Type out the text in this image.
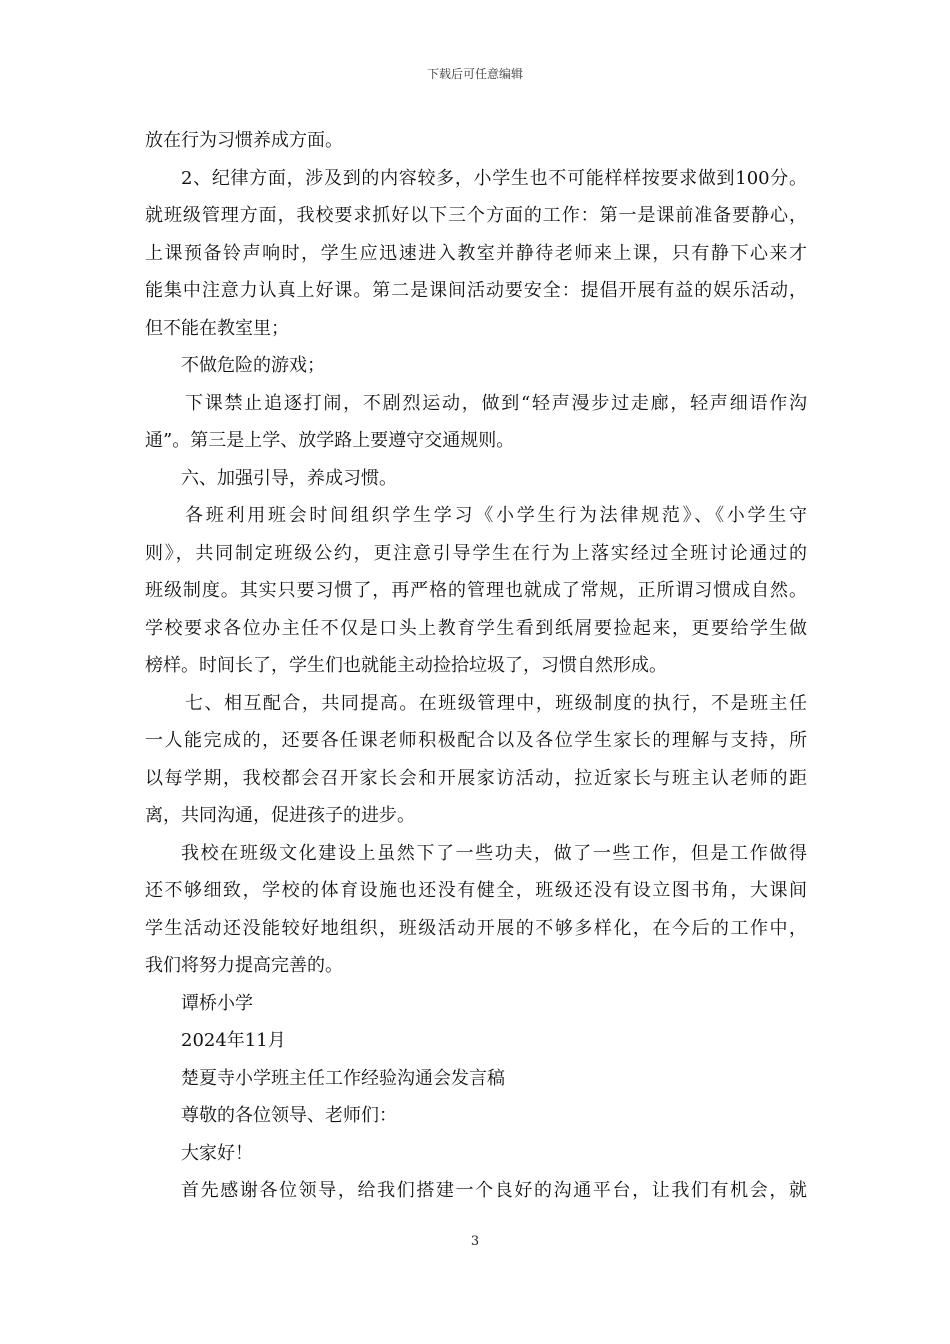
下载后可任意编辑
放在行为习惯养成方面。
2、纪律方面，涉及到的内容较多，小学生也不可能样样按要求做到100分。
就班级管理方面，我校要求抓好以下三个方面的工作：第一是课前准备要静心，
上课预备铃声响时，学生应迅速进入教室并静待老师来上课，只有静下心来才
能集中注意力认真上好课。第二是课间活动要安全：提倡开展有益的娱乐活动，
但不能在教室里；
不做危险的游戏；
下课禁止追逐打闹，不剧烈运动，做到“轻声漫步过走廊，轻声细语作沟
通”。第三是上学、放学路上要遵守交通规则。
六、加强引导，养成习惯。
各班利用班会时间组织学生学习《小学生行为法律规范》、《小学生守
则》，共同制定班级公约，更注意引导学生在行为上落实经过全班讨论通过的
班级制度。其实只要习惯了，再严格的管理也就成了常规，正所谓习惯成自然。
学校要求各位办主任不仅是口头上教育学生看到纸屑要捡起来，更要给学生做
榜样。时间长了，学生们也就能主动捡拾垃圾了，习惯自然形成。
七、相互配合，共同提高。在班级管理中，班级制度的执行，不是班主任
一人能完成的，还要各任课老师积极配合以及各位学生家长的理解与支持，所
以每学期，我校都会召开家长会和开展家访活动，拉近家长与班主认老师的距
离，共同沟通，促进孩子的进步。
我校在班级文化建设上虽然下了一些功夫，做了一些工作，但是工作做得
还不够细致，学校的体育设施也还没有健全，班级还没有设立图书角，大课间
学生活动还没能较好地组织，班级活动开展的不够多样化，在今后的工作中，
我们将努力提高完善的。
谭桥小学
2024年11月
楚夏寺小学班主任工作经验沟通会发言稿
尊敬的各位领导、老师们：
大家好！
首先感谢各位领导，给我们搭建一个良好的沟通平台，让我们有机会，就
3
